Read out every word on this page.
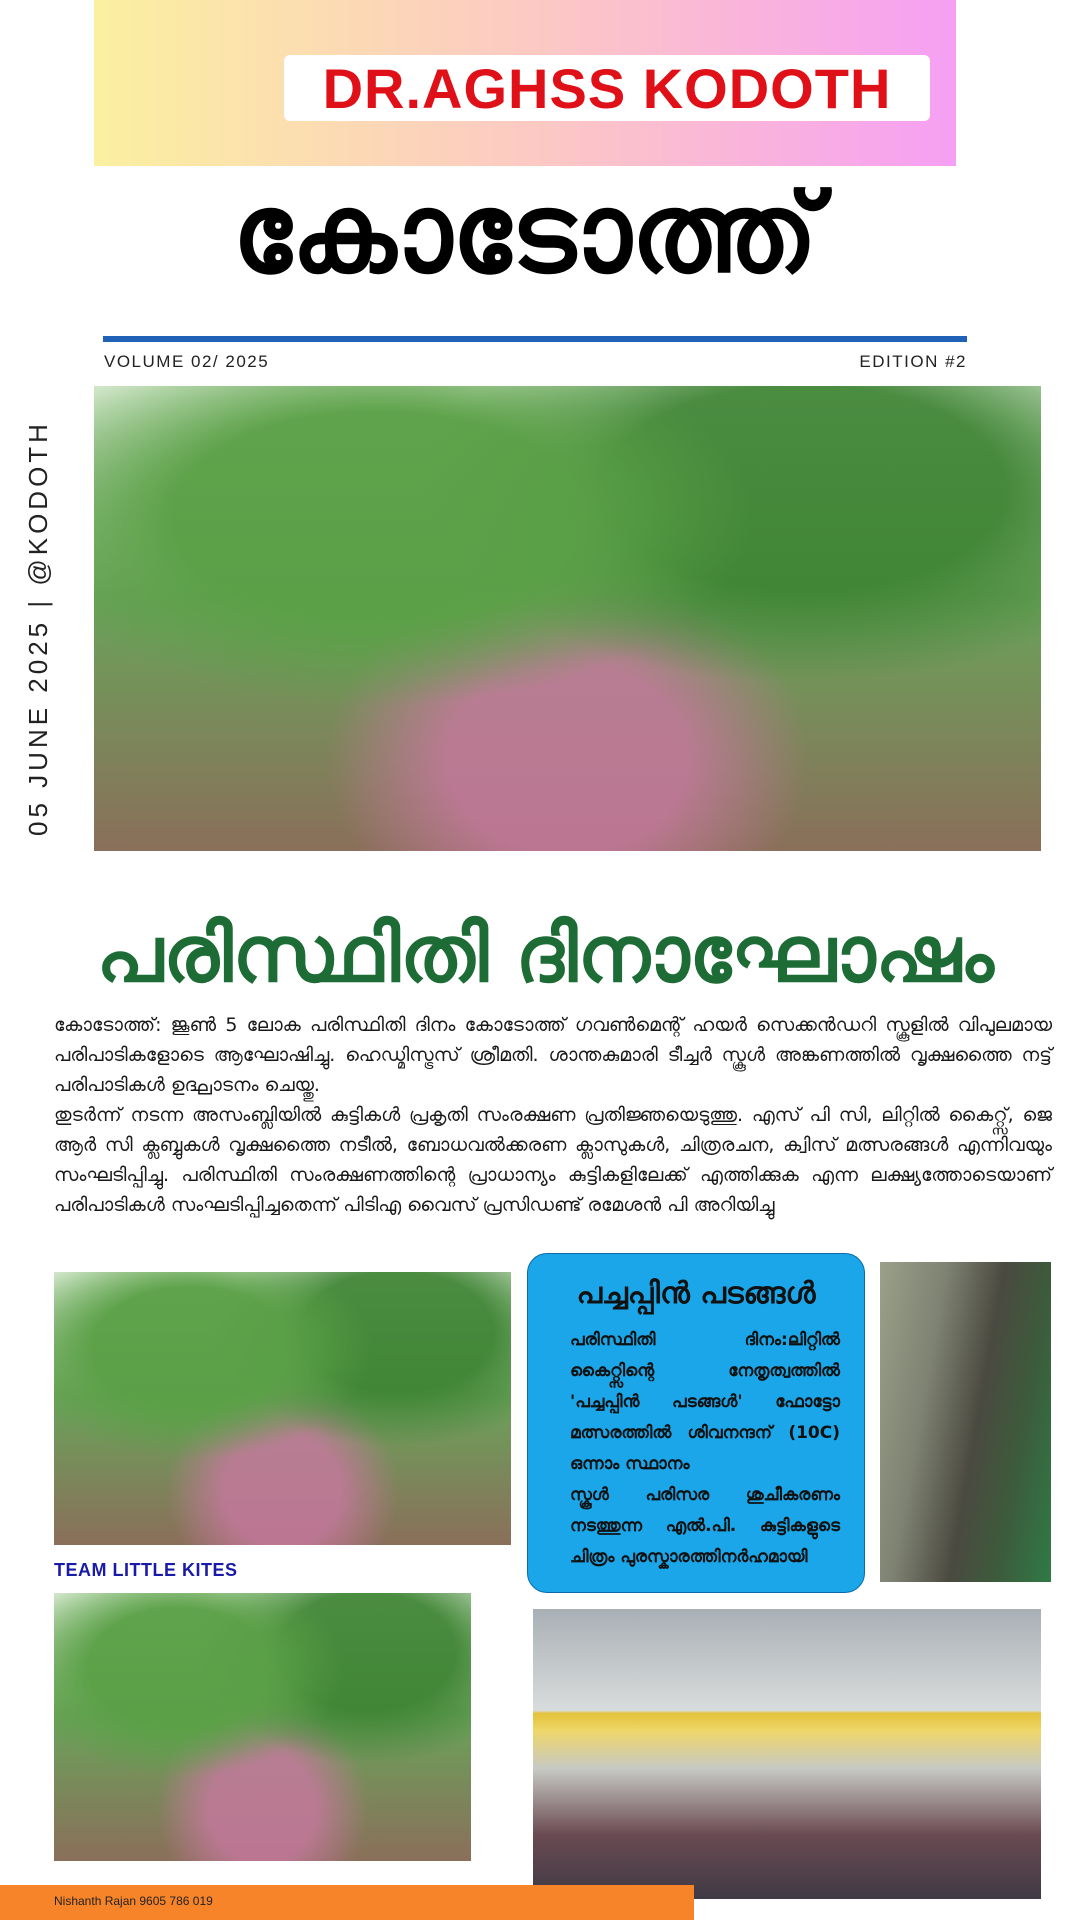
DR.AGHSS KODOTH
കോടോത്ത്
VOLUME 02/ 2025	EDITION #2
05 JUNE 2025 | @KODOTH
പരിസ്ഥിതി ദിനാഘോഷം

കോടോത്ത്: ജൂൺ 5 ലോക പരിസ്ഥിതി ദിനം കോടോത്ത് ഗവൺമെന്റ് ഹയർ സെക്കൻഡറി സ്കൂളിൽ വിപുലമായ പരിപാടികളോടെ ആഘോഷിച്ചു. ഹെഡ്മിസ്ട്രസ് ശ്രീമതി. ശാന്തകുമാരി ടീച്ചർ സ്കൂൾ അങ്കണത്തിൽ വൃക്ഷത്തൈ നട്ട് പരിപാടികൾ ഉദ്ഘാടനം ചെയ്തു.

തുടർന്ന് നടന്ന അസംബ്ലിയിൽ കുട്ടികൾ പ്രകൃതി സംരക്ഷണ പ്രതിജ്ഞയെടുത്തു. എസ് പി സി, ലിറ്റിൽ കൈറ്റ്സ്, ജെ ആർ സി ക്ലബ്ബുകൾ വൃക്ഷത്തൈ നടീൽ, ബോധവൽക്കരണ ക്ലാസുകൾ, ചിത്രരചന, ക്വിസ് മത്സരങ്ങൾ എന്നിവയും സംഘടിപ്പിച്ചു. പരിസ്ഥിതി സംരക്ഷണത്തിന്റെ പ്രാധാന്യം കുട്ടികളിലേക്ക് എത്തിക്കുക എന്ന ലക്ഷ്യത്തോടെയാണ് പരിപാടികൾ സംഘടിപ്പിച്ചതെന്ന് പിടിഎ വൈസ് പ്രസിഡണ്ട് രമേശൻ പി അറിയിച്ചു

TEAM LITTLE KITES
പച്ചപ്പിൻ പടങ്ങൾ

പരിസ്ഥിതി ദിനം:ലിറ്റിൽ കൈറ്റ്സിന്റെ നേതൃത്വത്തിൽ 'പച്ചപ്പിൻ പടങ്ങൾ' ഫോട്ടോ മത്സരത്തിൽ ശിവനന്ദന് (10C) ഒന്നാം സ്ഥാനം

സ്കൂൾ പരിസര ശുചീകരണം നടത്തുന്ന എൽ.പി. കുട്ടികളുടെ ചിത്രം പുരസ്കാരത്തിനർഹമായി

Nishanth Rajan 9605 786 019
